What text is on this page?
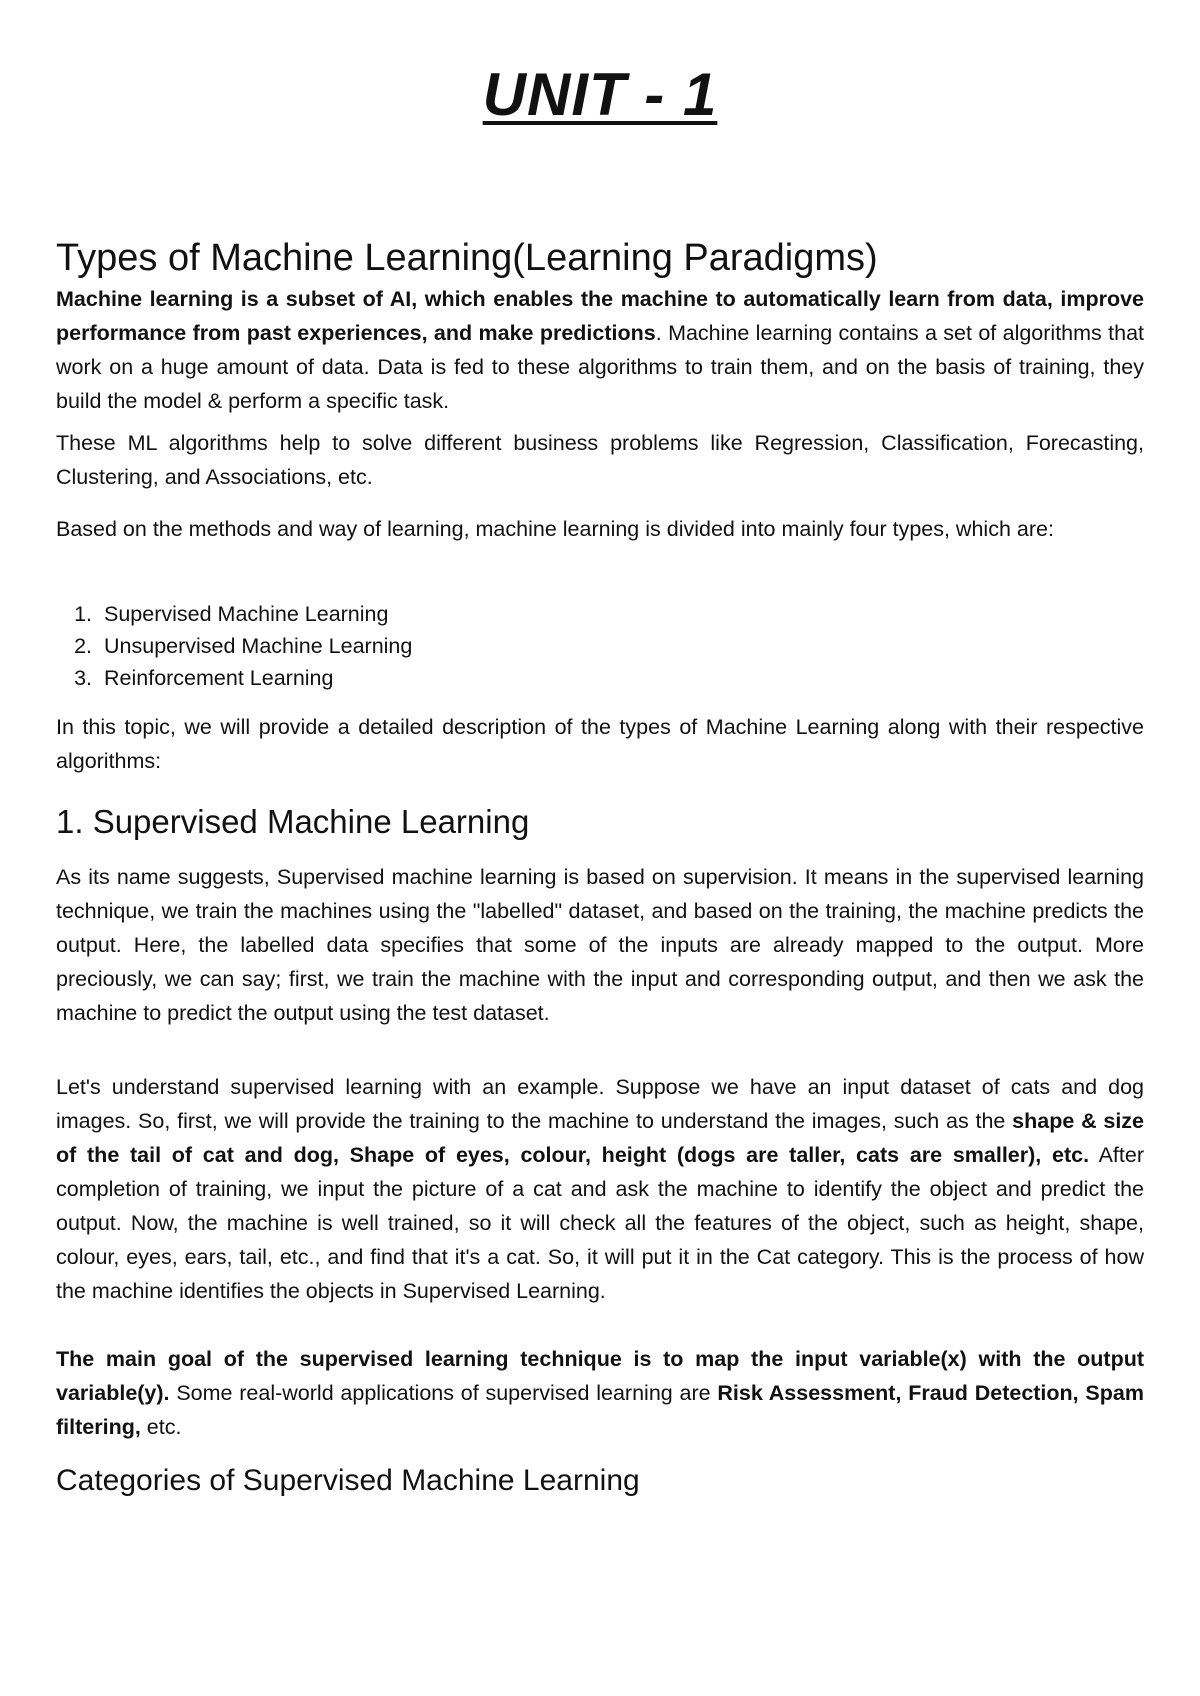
UNIT - 1
Types of Machine Learning(Learning Paradigms)

Machine learning is a subset of AI, which enables the machine to automatically learn from data, improve performance from past experiences, and make predictions. Machine learning contains a set of algorithms that work on a huge amount of data. Data is fed to these algorithms to train them, and on the basis of training, they build the model & perform a specific task.

These ML algorithms help to solve different business problems like Regression, Classification, Forecasting, Clustering, and Associations, etc.

Based on the methods and way of learning, machine learning is divided into mainly four types, which are:

1. Supervised Machine Learning
2. Unsupervised Machine Learning
3. Reinforcement Learning

In this topic, we will provide a detailed description of the types of Machine Learning along with their respective algorithms:

1. Supervised Machine Learning

As its name suggests, Supervised machine learning is based on supervision. It means in the supervised learning technique, we train the machines using the "labelled" dataset, and based on the training, the machine predicts the output. Here, the labelled data specifies that some of the inputs are already mapped to the output. More preciously, we can say; first, we train the machine with the input and corresponding output, and then we ask the machine to predict the output using the test dataset.

Let's understand supervised learning with an example. Suppose we have an input dataset of cats and dog images. So, first, we will provide the training to the machine to understand the images, such as the shape & size of the tail of cat and dog, Shape of eyes, colour, height (dogs are taller, cats are smaller), etc. After completion of training, we input the picture of a cat and ask the machine to identify the object and predict the output. Now, the machine is well trained, so it will check all the features of the object, such as height, shape, colour, eyes, ears, tail, etc., and find that it's a cat. So, it will put it in the Cat category. This is the process of how the machine identifies the objects in Supervised Learning.

The main goal of the supervised learning technique is to map the input variable(x) with the output variable(y). Some real-world applications of supervised learning are Risk Assessment, Fraud Detection, Spam filtering, etc.

Categories of Supervised Machine Learning
